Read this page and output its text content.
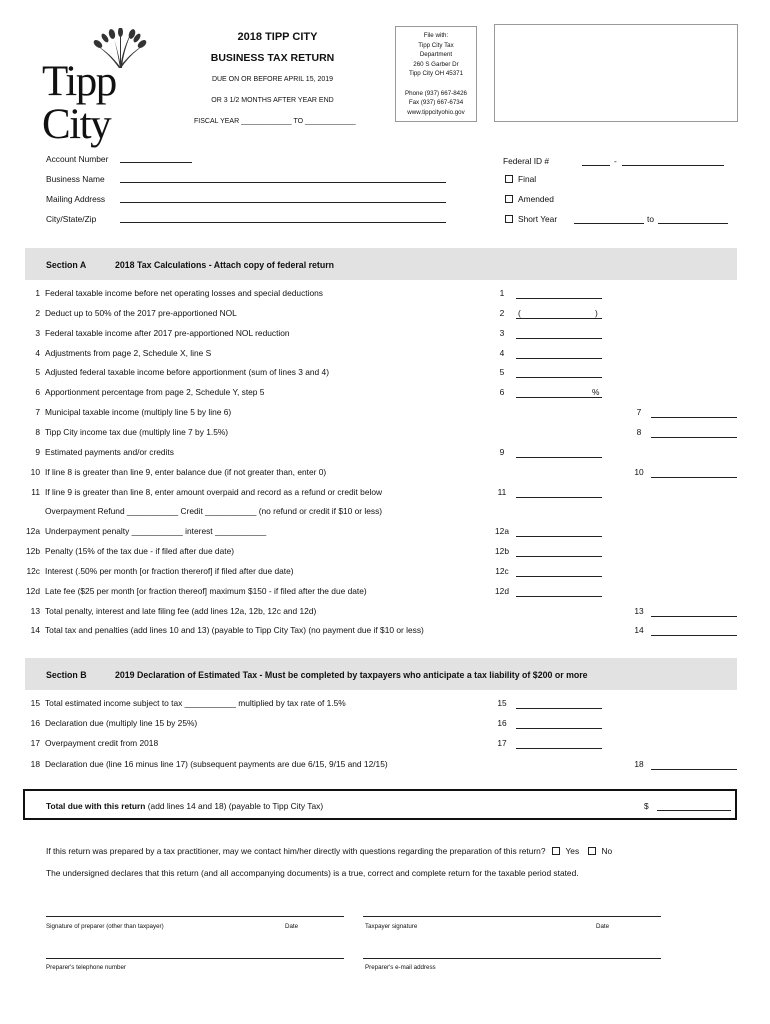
Tipp City
2018 TIPP CITY
BUSINESS TAX RETURN
DUE ON OR BEFORE APRIL 15, 2019
OR 3 1/2 MONTHS AFTER YEAR END
FISCAL YEAR _____________ TO _____________
File with:
Tipp City Tax
Department
260 S Garber Dr
Tipp City OH 45371
Phone (937) 667-8426
Fax (937) 667-6734
www.tippcityohio.gov
Account Number
Business Name
Mailing Address
City/State/Zip
Federal ID #	-
Final
Amended
Short Year	to
Section A	2018 Tax Calculations - Attach copy of federal return
1 Federal taxable income before net operating losses and special deductions	1
2 Deduct up to 50% of the 2017 pre-apportioned NOL	2	(	)
3 Federal taxable income after 2017 pre-apportioned NOL reduction	3
4 Adjustments from page 2, Schedule X, line S	4
5 Adjusted federal taxable income before apportionment (sum of lines 3 and 4)	5
6 Apportionment percentage from page 2, Schedule Y, step 5	6	%
7 Municipal taxable income (multiply line 5 by line 6)	7
8 Tipp City income tax due (multiply line 7 by 1.5%)	8
9 Estimated payments and/or credits	9
10 If line 8 is greater than line 9, enter balance due (if not greater than, enter 0)	10
11 If line 9 is greater than line 8, enter amount overpaid and record as a refund or credit below	11
Overpayment Refund ___________ Credit ___________ (no refund or credit if $10 or less)
12a Underpayment penalty ___________ interest ___________	12a
12b Penalty (15% of the tax due - if filed after due date)	12b
12c Interest (.50% per month [or fraction thererof] if filed after due date)	12c
12d Late fee ($25 per month [or fraction thereof] maximum $150 - if filed after the due date)	12d
13 Total penalty, interest and late filing fee (add lines 12a, 12b, 12c and 12d)	13
14 Total tax and penalties (add lines 10 and 13) (payable to Tipp City Tax) (no payment due if $10 or less)	14
Section B	2019 Declaration of Estimated Tax - Must be completed by taxpayers who anticipate a tax liability of $200 or more
15 Total estimated income subject to tax ___________ multiplied by tax rate of 1.5%	15
16 Declaration due (multiply line 15 by 25%)	16
17 Overpayment credit from 2018	17
18 Declaration due (line 16 minus line 17) (subsequent payments are due 6/15, 9/15 and 12/15)	18
Total due with this return (add lines 14 and 18) (payable to Tipp City Tax)	$
If this return was prepared by a tax practitioner, may we contact him/her directly with questions regarding the preparation of this return? Yes	No
The undersigned declares that this return (and all accompanying documents) is a true, correct and complete return for the taxable period stated.
Signature of preparer (other than taxpayer)	Date	Taxpayer signature	Date
Preparer's telephone number	Preparer's e-mail address
